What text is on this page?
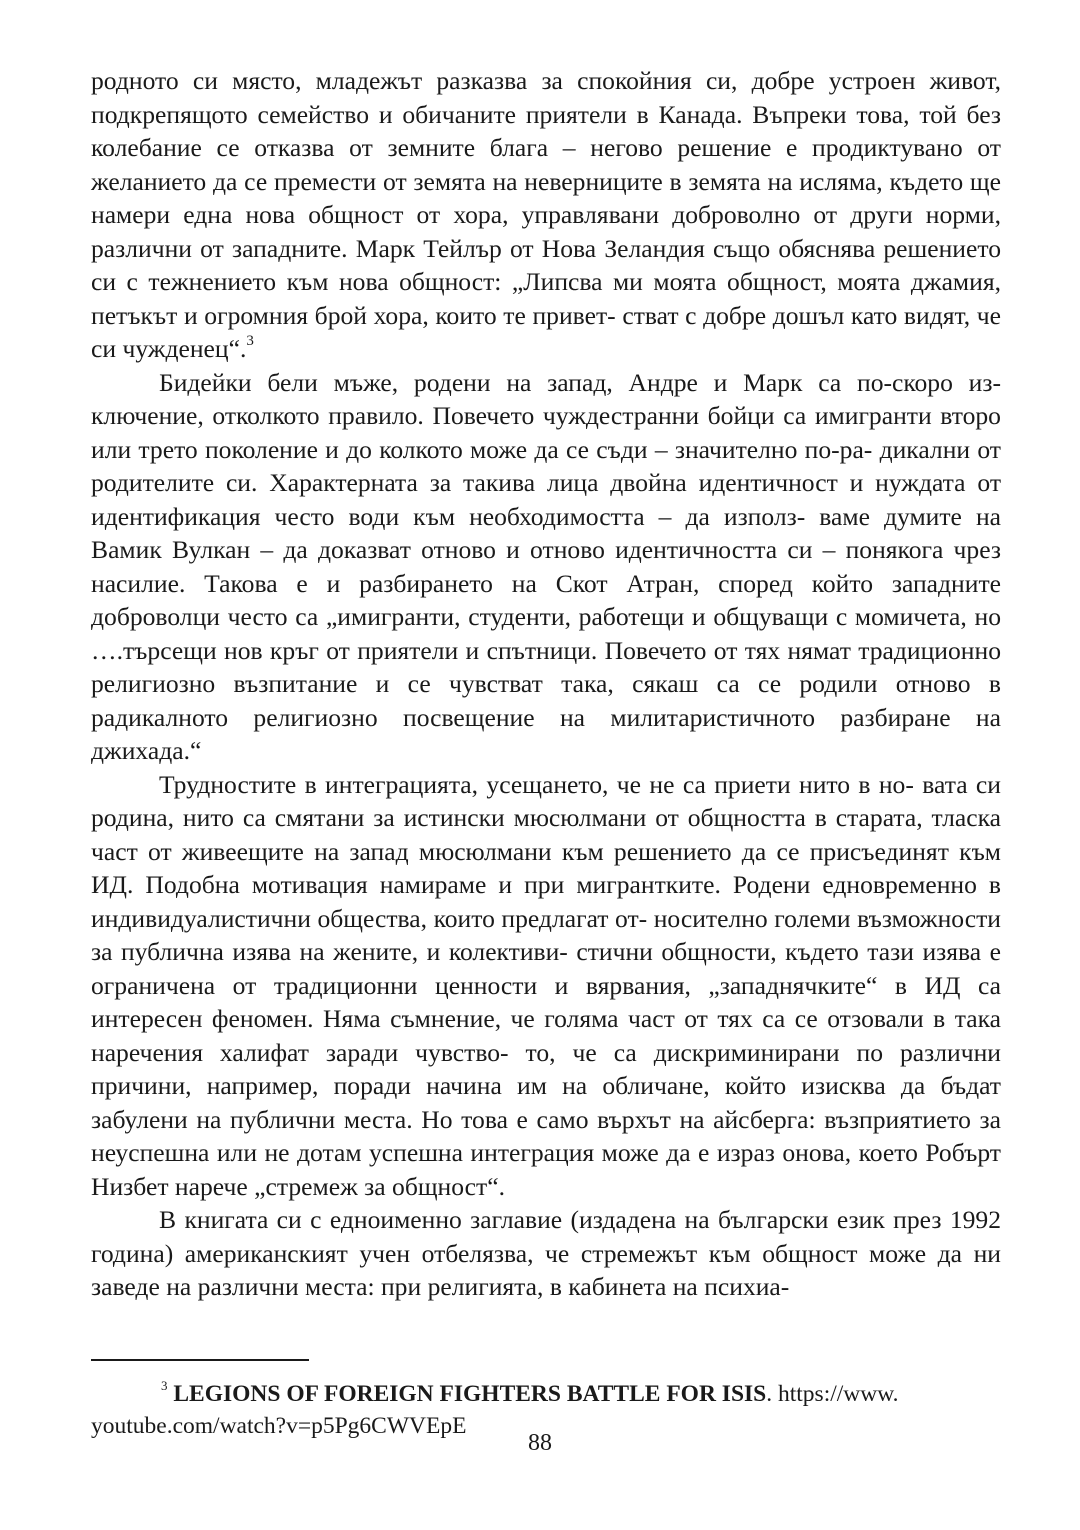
родното си място, младежът разказва за спокойния си, добре устроен живот, подкрепящото семейство и обичаните приятели в Канада. Въпреки това, той без колебание се отказва от земните блага – негово решение е продиктувано от желанието да се премести от земята на неверниците в земята на исляма, където ще намери една нова общност от хора, управлявани доброволно от други норми, различни от западните. Марк Тейлър от Нова Зеландия също обяснява решението си с тежнението към нова общност: „Липсва ми моята общност, моята джамия, петъкът и огромния брой хора, които те привет- стват с добре дошъл като видят, че си чужденец“.$^3$

Бидейки бели мъже, родени на запад, Андре и Марк са по-скоро из- ключение, отколкото правило. Повечето чуждестранни бойци са имигранти второ или трето поколение и до колкото може да се съди – значително по-ра- дикални от родителите си. Характерната за такива лица двойна идентичност и нуждата от идентификация често води към необходимостта – да използ- ваме думите на Вамик Вулкан – да доказват отново и отново идентичността си – понякога чрез насилие. Такова е и разбирането на Скот Атран, според който западните доброволци често са „имигранти, студенти, работещи и общуващи с момичета, но ….търсещи нов кръг от приятели и спътници. Повечето от тях нямат традиционно религиозно възпитание и се чувстват така, сякаш са се родили отново в радикалното религиозно посвещение на милитаристичното разбиране на джихада.“

Трудностите в интеграцията, усещането, че не са приети нито в но- вата си родина, нито са смятани за истински мюсюлмани от общността в старата, тласка част от живеещите на запад мюсюлмани към решението да се присъединят към ИД. Подобна мотивация намираме и при мигрантките. Родени едновременно в индивидуалистични общества, които предлагат от- носително големи възможности за публична изява на жените, и колективи- стични общности, където тази изява е ограничена от традиционни ценности и вярвания, „западнячките“ в ИД са интересен феномен. Няма съмнение, че голяма част от тях са се отзовали в така наречения халифат заради чувство- то, че са дискриминирани по различни причини, например, поради начина им на обличане, който изисква да бъдат забулени на публични места. Но това е само върхът на айсберга: възприятието за неуспешна или не дотам успешна интеграция може да е израз онова, което Робърт Низбет нарече „стремеж за общност“.

В книгата си с едноименно заглавие (издадена на български език през 1992 година) американският учен отбелязва, че стремежът към общност може да ни заведе на различни места: при религията, в кабинета на психиа-

$^3$ LEGIONS OF FOREIGN FIGHTERS BATTLE FOR ISIS. https://www.
youtube.com/watch?v=p5Pg6CWVEpE
88
